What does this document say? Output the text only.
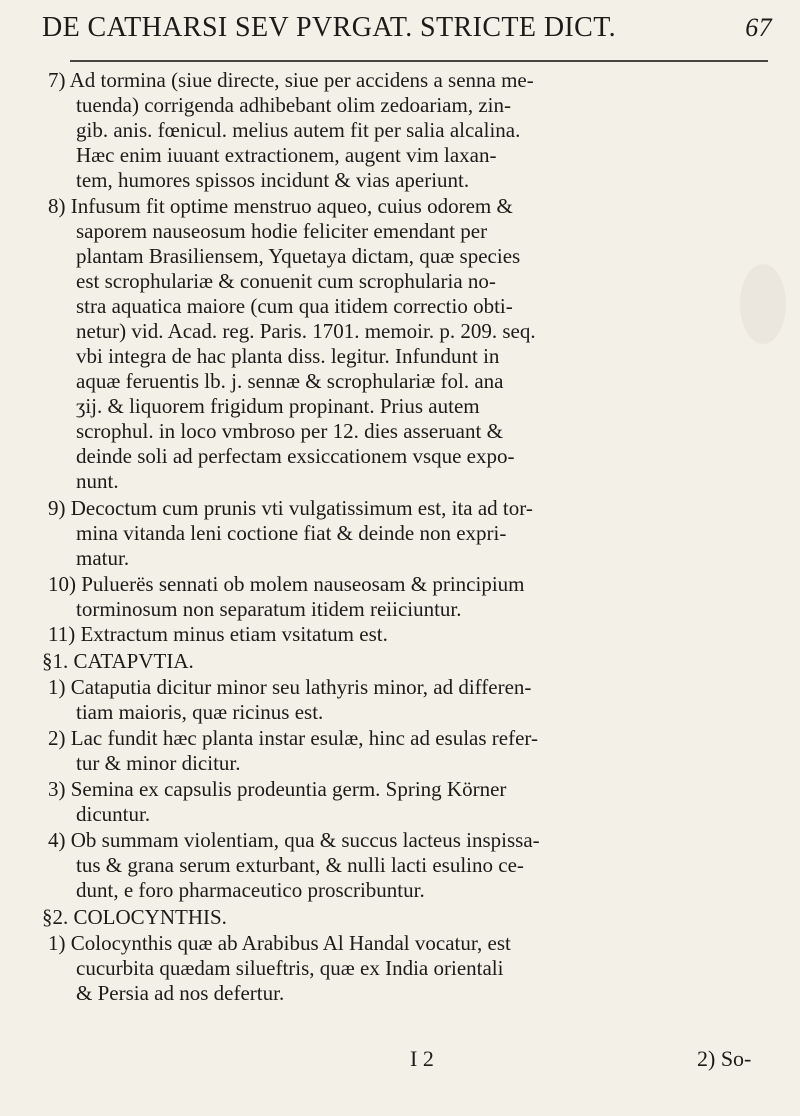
DE CATHARSI SEV PVRGAT. STRICTE DICT.	67
7) Ad tormina (siue directe, siue per accidens a senna me-
tuenda) corrigenda adhibebant olim zedoariam, zin-
gib. anis. fœnicul. melius autem fit per salia alcalina.
Hæc enim iuuant extractionem, augent vim laxan-
tem, humores spissos incidunt & vias aperiunt.
8) Infusum fit optime menstruo aqueo, cuius odorem &
saporem nauseosum hodie feliciter emendant per
plantam Brasiliensem, Yquetaya dictam, quæ species
est scrophulariæ & conuenit cum scrophularia no-
stra aquatica maiore (cum qua itidem correctio obti-
netur) vid. Acad. reg. Paris. 1701. memoir. p. 209. seq.
vbi integra de hac planta diss. legitur. Infundunt in
aquæ feruentis lb. j. sennæ & scrophulariæ fol. ana
ʒij. & liquorem frigidum propinant. Prius autem
scrophul. in loco vmbroso per 12. dies asseruant &
deinde soli ad perfectam exsiccationem vsque expo-
nunt.
9) Decoctum cum prunis vti vulgatissimum est, ita ad tor-
mina vitanda leni coctione fiat & deinde non expri-
matur.
10) Puluerës sennati ob molem nauseosam & principium
torminosum non separatum itidem reiiciuntur.
11) Extractum minus etiam vsitatum est.
§1. CATAPVTIA.
1) Cataputia dicitur minor seu lathyris minor, ad differen-
tiam maioris, quæ ricinus est.
2) Lac fundit hæc planta instar esulæ, hinc ad esulas refer-
tur & minor dicitur.
3) Semina ex capsulis prodeuntia germ. Spring Körner
dicuntur.
4) Ob summam violentiam, qua & succus lacteus inspissa-
tus & grana serum exturbant, & nulli lacti esulino ce-
dunt, e foro pharmaceutico proscribuntur.
§2. COLOCYNTHIS.
1) Colocynthis quæ ab Arabibus Al Handal vocatur, est
cucurbita quædam silueftris, quæ ex India orientali
& Persia ad nos defertur.
I 2	2) So-
